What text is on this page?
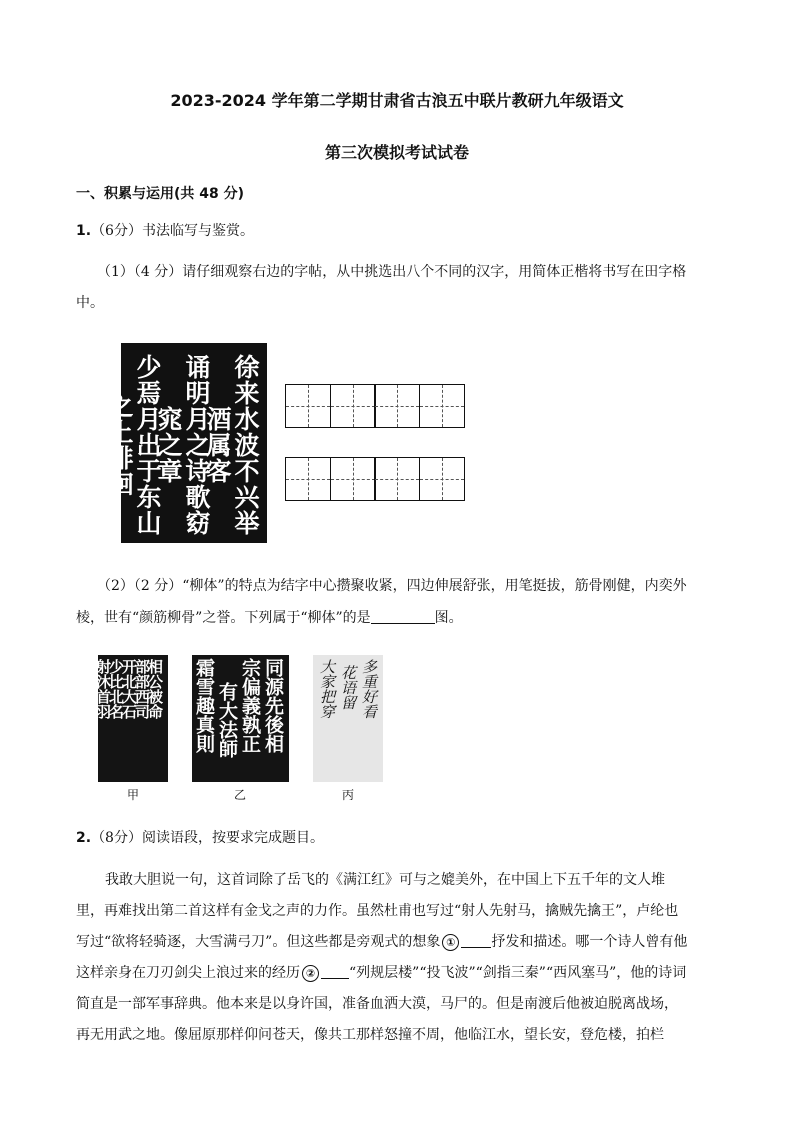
2023-2024 学年第二学期甘肃省古浪五中联片教研九年级语文
第三次模拟考试试卷
一、积累与运用(共 48 分)
1.（6分）书法临写与鉴赏。
（1）（4 分）请仔细观察右边的字帖，从中挑选出八个不同的汉字，用简体正楷将书写在田字格
中。
徐来水波不兴举酒属客
诵明月之诗歌窈窕之章
少焉月出于东山之上徘徊
（2）（2 分）“柳体”的特点为结字中心攒聚收紧，四边伸展舒张，用笔挺拔，筋骨刚健，内奕外
棱，世有“颜筋柳骨”之誉。下列属于“柳体”的是	图。
相公被命
部部西司
开北大石
少比北名
射沐首羽	同源先後相
宗偏義孰正
有大法師
霜雪趣真則	多重好看
花语留
大家把穿
甲	乙	丙
2.（8分）阅读语段，按要求完成题目。
我敢大胆说一句，这首词除了岳飞的《满江红》可与之媲美外，在中国上下五千年的文人堆
里，再难找出第二首这样有金戈之声的力作。虽然杜甫也写过“射人先射马，擒贼先擒王”，卢纶也
写过“欲将轻骑逐，大雪满弓刀”。但这些都是旁观式的想象 ①	抒发和描述。哪一个诗人曾有他
这样亲身在刀刃剑尖上浪过来的经历 ② “列规层楼”“投飞波”“剑指三秦”“西风塞马”，他的诗词
简直是一部军事辞典。他本来是以身许国，准备血洒大漠，马尸的。但是南渡后他被迫脱离战场，
再无用武之地。像屈原那样仰问苍天，像共工那样怒撞不周，他临江水，望长安，登危楼，拍栏
